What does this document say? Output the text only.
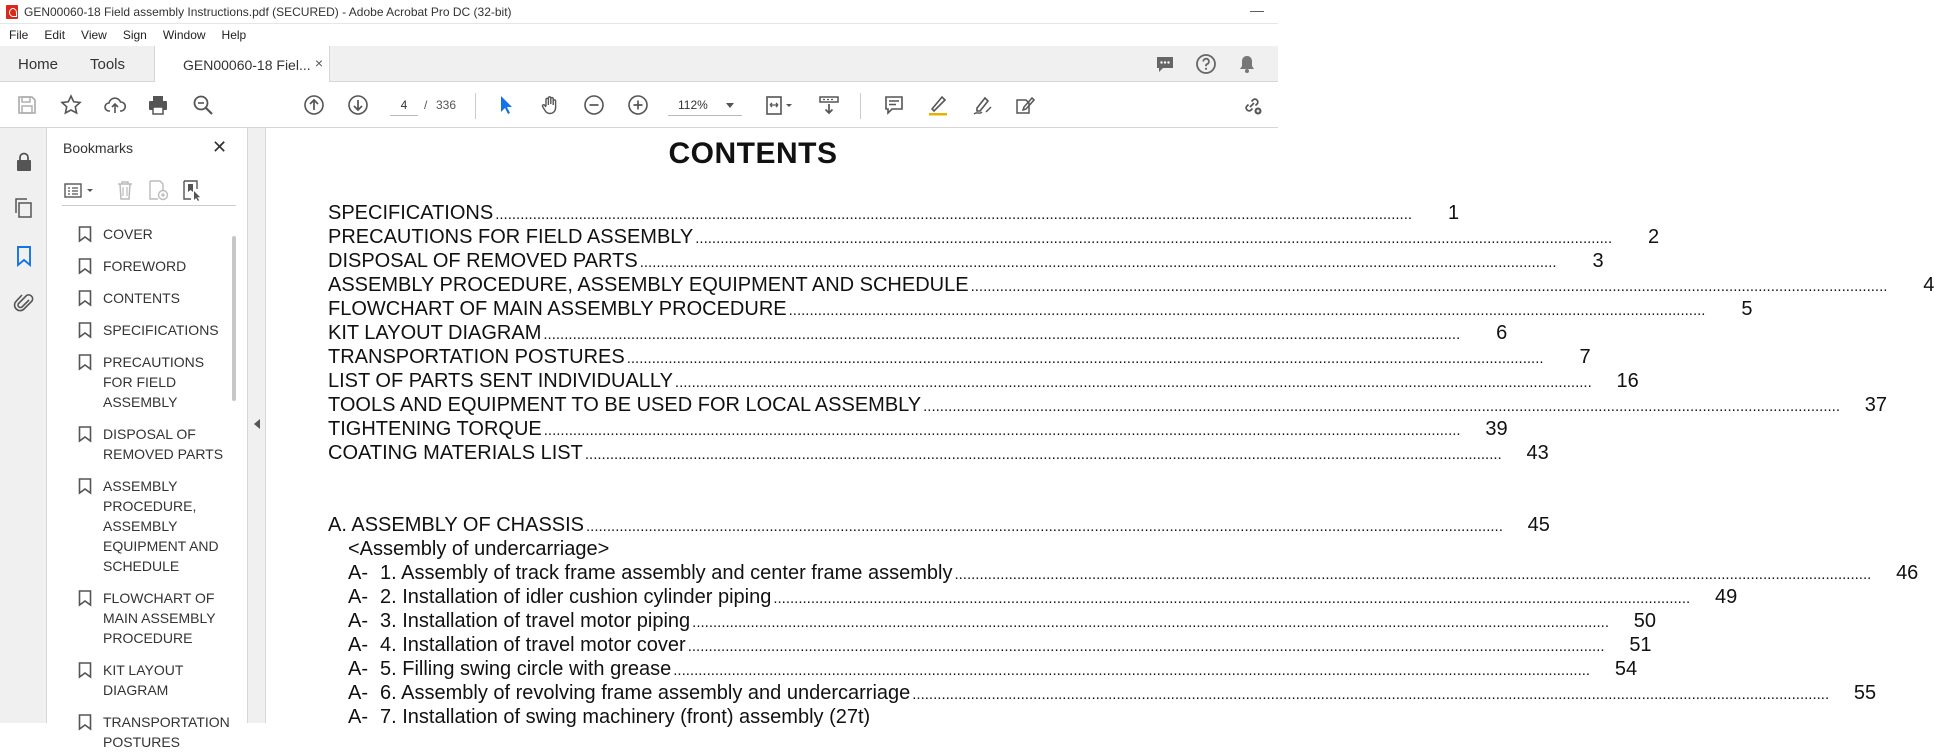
GEN00060-18 Field assembly Instructions.pdf (SECURED) - Adobe Acrobat Pro DC (32-bit)	—
File	Edit	View	Sign	Window	Help
Home Tools	GEN00060-18 Fiel... ×
4
/ 336	112%
Bookmarks	✕
COVER
FOREWORD
CONTENTS
SPECIFICATIONS
PRECAUTIONS FOR FIELD ASSEMBLY
DISPOSAL OF REMOVED PARTS
ASSEMBLY PROCEDURE, ASSEMBLY EQUIPMENT AND SCHEDULE
FLOWCHART OF MAIN ASSEMBLY PROCEDURE
KIT LAYOUT DIAGRAM
TRANSPORTATION POSTURES
CONTENTS
SPECIFICATIONS ............................................................................................................................................................................................................................	1
PRECAUTIONS FOR FIELD ASSEMBLY ............................................................................................................................................................................................................................	2
DISPOSAL OF REMOVED PARTS ............................................................................................................................................................................................................................	3
ASSEMBLY PROCEDURE, ASSEMBLY EQUIPMENT AND SCHEDULE ............................................................................................................................................................................................................................	4
FLOWCHART OF MAIN ASSEMBLY PROCEDURE ............................................................................................................................................................................................................................	5
KIT LAYOUT DIAGRAM ............................................................................................................................................................................................................................	6
TRANSPORTATION POSTURES ............................................................................................................................................................................................................................	7
LIST OF PARTS SENT INDIVIDUALLY ............................................................................................................................................................................................................................	16
TOOLS AND EQUIPMENT TO BE USED FOR LOCAL ASSEMBLY ............................................................................................................................................................................................................................	37
TIGHTENING TORQUE ............................................................................................................................................................................................................................	39
COATING MATERIALS LIST ............................................................................................................................................................................................................................	43
A. ASSEMBLY OF CHASSIS ............................................................................................................................................................................................................................	45
<Assembly of undercarriage>
A- 1. Assembly of track frame assembly and center frame assembly ............................................................................................................................................................................................................................	46
A- 2. Installation of idler cushion cylinder piping ............................................................................................................................................................................................................................	49
A- 3. Installation of travel motor piping ............................................................................................................................................................................................................................	50
A- 4. Installation of travel motor cover ............................................................................................................................................................................................................................	51
A- 5. Filling swing circle with grease ............................................................................................................................................................................................................................	54
A- 6. Assembly of revolving frame assembly and undercarriage ............................................................................................................................................................................................................................	55
A- 7. Installation of swing machinery (front) assembly (27t)
